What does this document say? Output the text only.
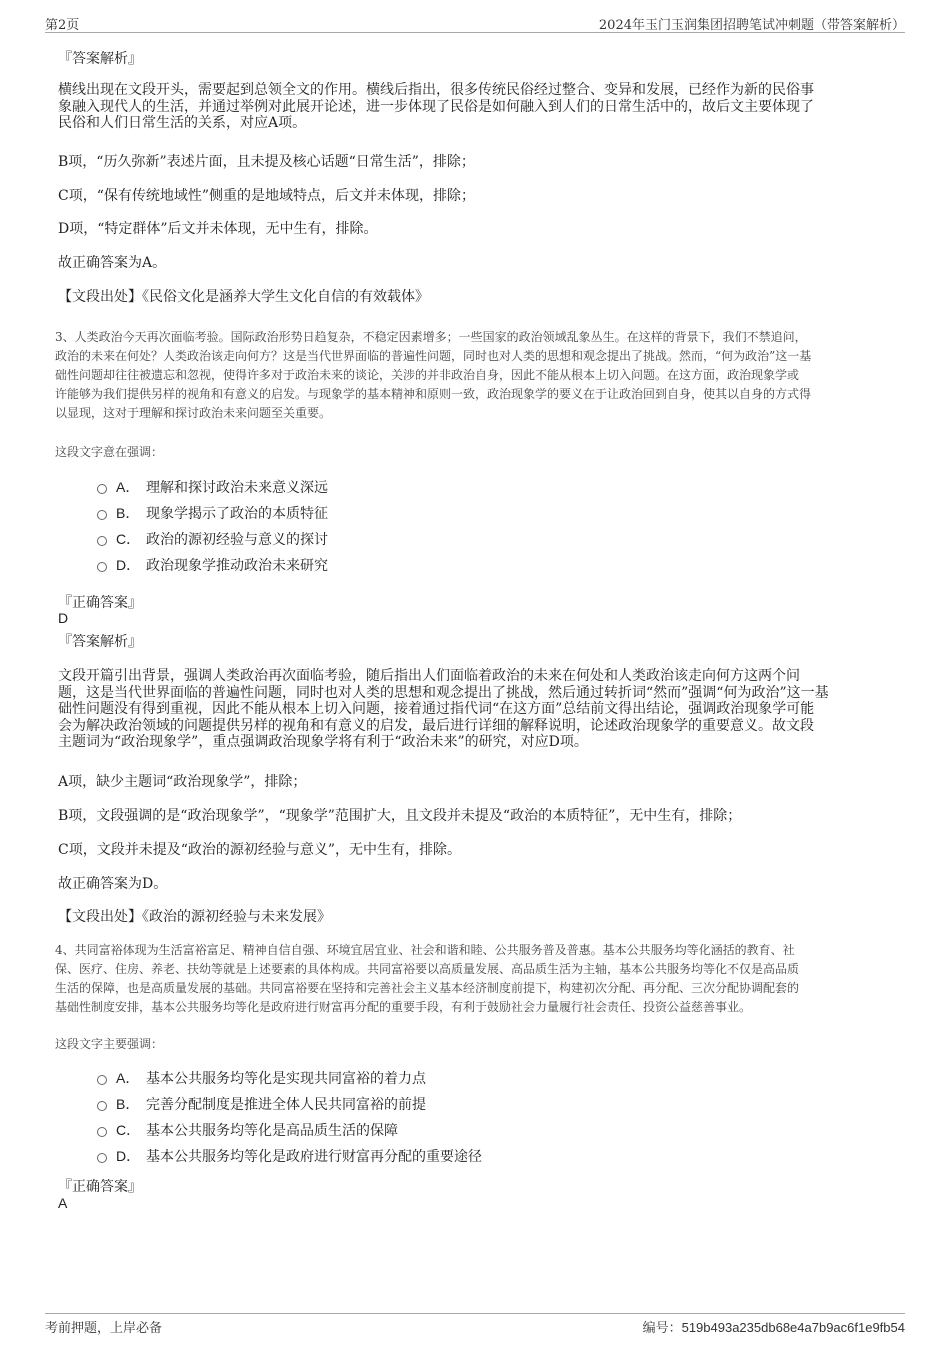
第2页	2024年玉门玉润集团招聘笔试冲刺题（带答案解析）
『答案解析』
横线出现在文段开头，需要起到总领全文的作用。横线后指出，很多传统民俗经过整合、变异和发展，已经作为新的民俗事
象融入现代人的生活，并通过举例对此展开论述，进一步体现了民俗是如何融入到人们的日常生活中的，故后文主要体现了
民俗和人们日常生活的关系，对应A项。
B项，“历久弥新”表述片面，且未提及核心话题“日常生活”，排除；
C项，“保有传统地域性”侧重的是地域特点，后文并未体现，排除；
D项，“特定群体”后文并未体现，无中生有，排除。
故正确答案为A。
【文段出处】《民俗文化是涵养大学生文化自信的有效载体》
3、人类政治今天再次面临考验。国际政治形势日趋复杂，不稳定因素增多；一些国家的政治领域乱象丛生。在这样的背景下，我们不禁追问，
政治的未来在何处？人类政治该走向何方？这是当代世界面临的普遍性问题，同时也对人类的思想和观念提出了挑战。然而，“何为政治”这一基
础性问题却往往被遗忘和忽视，使得许多对于政治未来的谈论，关涉的并非政治自身，因此不能从根本上切入问题。在这方面，政治现象学或
许能够为我们提供另样的视角和有意义的启发。与现象学的基本精神和原则一致，政治现象学的要义在于让政治回到自身，使其以自身的方式得
以显现，这对于理解和探讨政治未来问题至关重要。
这段文字意在强调：
A． 理解和探讨政治未来意义深远
B． 现象学揭示了政治的本质特征
C． 政治的源初经验与意义的探讨
D． 政治现象学推动政治未来研究
『正确答案』
D
『答案解析』
文段开篇引出背景，强调人类政治再次面临考验，随后指出人们面临着政治的未来在何处和人类政治该走向何方这两个问
题，这是当代世界面临的普遍性问题，同时也对人类的思想和观念提出了挑战，然后通过转折词“然而”强调“何为政治”这一基
础性问题没有得到重视，因此不能从根本上切入问题，接着通过指代词“在这方面”总结前文得出结论，强调政治现象学可能
会为解决政治领域的问题提供另样的视角和有意义的启发，最后进行详细的解释说明，论述政治现象学的重要意义。故文段
主题词为“政治现象学”，重点强调政治现象学将有利于“政治未来”的研究，对应D项。
A项，缺少主题词“政治现象学”，排除；
B项，文段强调的是“政治现象学”，“现象学”范围扩大，且文段并未提及“政治的本质特征”，无中生有，排除；
C项，文段并未提及“政治的源初经验与意义”，无中生有，排除。
故正确答案为D。
【文段出处】《政治的源初经验与未来发展》
4、共同富裕体现为生活富裕富足、精神自信自强、环境宜居宜业、社会和谐和睦、公共服务普及普惠。基本公共服务均等化涵括的教育、社
保、医疗、住房、养老、扶幼等就是上述要素的具体构成。共同富裕要以高质量发展、高品质生活为主轴，基本公共服务均等化不仅是高品质
生活的保障，也是高质量发展的基础。共同富裕要在坚持和完善社会主义基本经济制度前提下，构建初次分配、再分配、三次分配协调配套的
基础性制度安排，基本公共服务均等化是政府进行财富再分配的重要手段，有利于鼓励社会力量履行社会责任、投资公益慈善事业。
这段文字主要强调：
A． 基本公共服务均等化是实现共同富裕的着力点
B． 完善分配制度是推进全体人民共同富裕的前提
C． 基本公共服务均等化是高品质生活的保障
D． 基本公共服务均等化是政府进行财富再分配的重要途径
『正确答案』
A
考前押题，上岸必备	编号：519b493a235db68e4a7b9ac6f1e9fb54
